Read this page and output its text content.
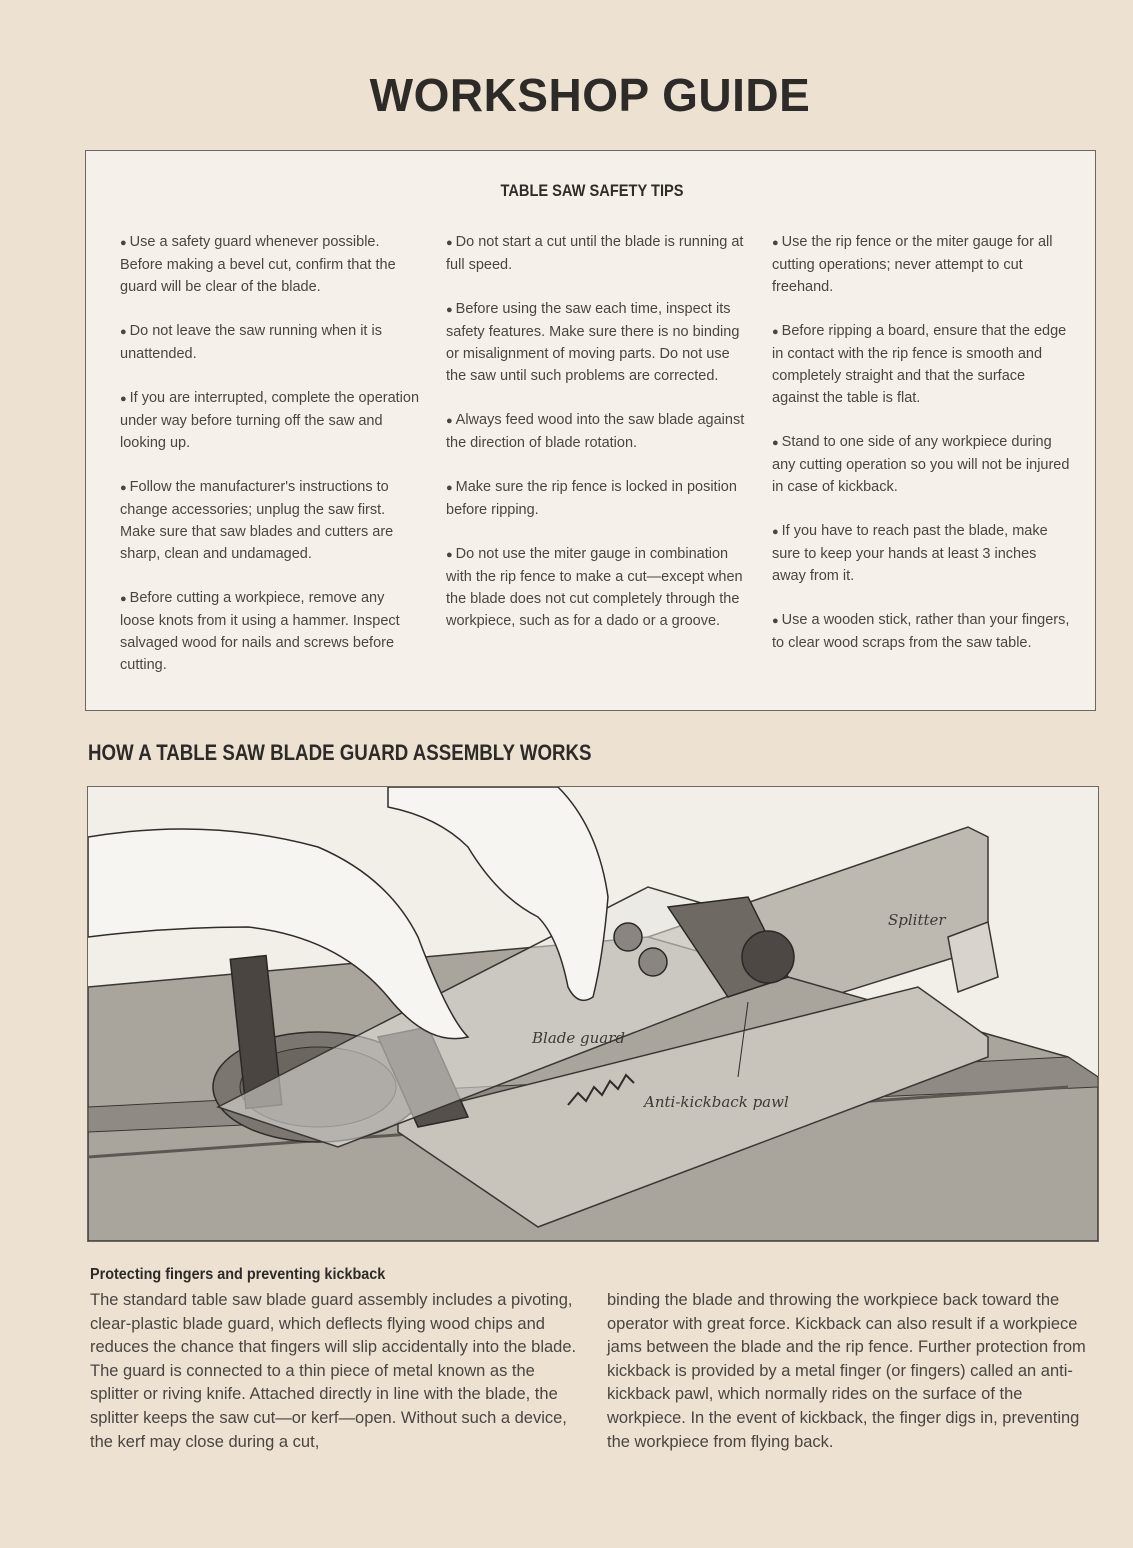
WORKSHOP GUIDE
TABLE SAW SAFETY TIPS

● Use a safety guard whenever possible. Before making a bevel cut, confirm that the guard will be clear of the blade.

● Do not leave the saw running when it is unattended.

● If you are interrupted, complete the operation under way before turning off the saw and looking up.

● Follow the manufacturer's instructions to change accessories; unplug the saw first. Make sure that saw blades and cutters are sharp, clean and undamaged.

● Before cutting a workpiece, remove any loose knots from it using a hammer. Inspect salvaged wood for nails and screws before cutting.

● Do not start a cut until the blade is running at full speed.

● Before using the saw each time, inspect its safety features. Make sure there is no binding or misalignment of moving parts. Do not use the saw until such problems are corrected.

● Always feed wood into the saw blade against the direction of blade rotation.

● Make sure the rip fence is locked in position before ripping.

● Do not use the miter gauge in combination with the rip fence to make a cut—except when the blade does not cut completely through the workpiece, such as for a dado or a groove.

● Use the rip fence or the miter gauge for all cutting operations; never attempt to cut freehand.

● Before ripping a board, ensure that the edge in contact with the rip fence is smooth and completely straight and that the surface against the table is flat.

● Stand to one side of any workpiece during any cutting operation so you will not be injured in case of kickback.

● If you have to reach past the blade, make sure to keep your hands at least 3 inches away from it.

● Use a wooden stick, rather than your fingers, to clear wood scraps from the saw table.

HOW A TABLE SAW BLADE GUARD ASSEMBLY WORKS
Splitter
Blade guard
Anti-kickback pawl
Protecting fingers and preventing kickback
The standard table saw blade guard assembly includes a pivoting, clear-plastic blade guard, which deflects flying wood chips and reduces the chance that fingers will slip accidentally into the blade. The guard is connected to a thin piece of metal known as the splitter or riving knife. Attached directly in line with the blade, the splitter keeps the saw cut—or kerf—open. Without such a device, the kerf may close during a cut,
binding the blade and throwing the workpiece back toward the operator with great force. Kickback can also result if a workpiece jams between the blade and the rip fence. Further protection from kickback is provided by a metal finger (or fingers) called an anti-kickback pawl, which normally rides on the surface of the workpiece. In the event of kickback, the finger digs in, preventing the workpiece from flying back.
